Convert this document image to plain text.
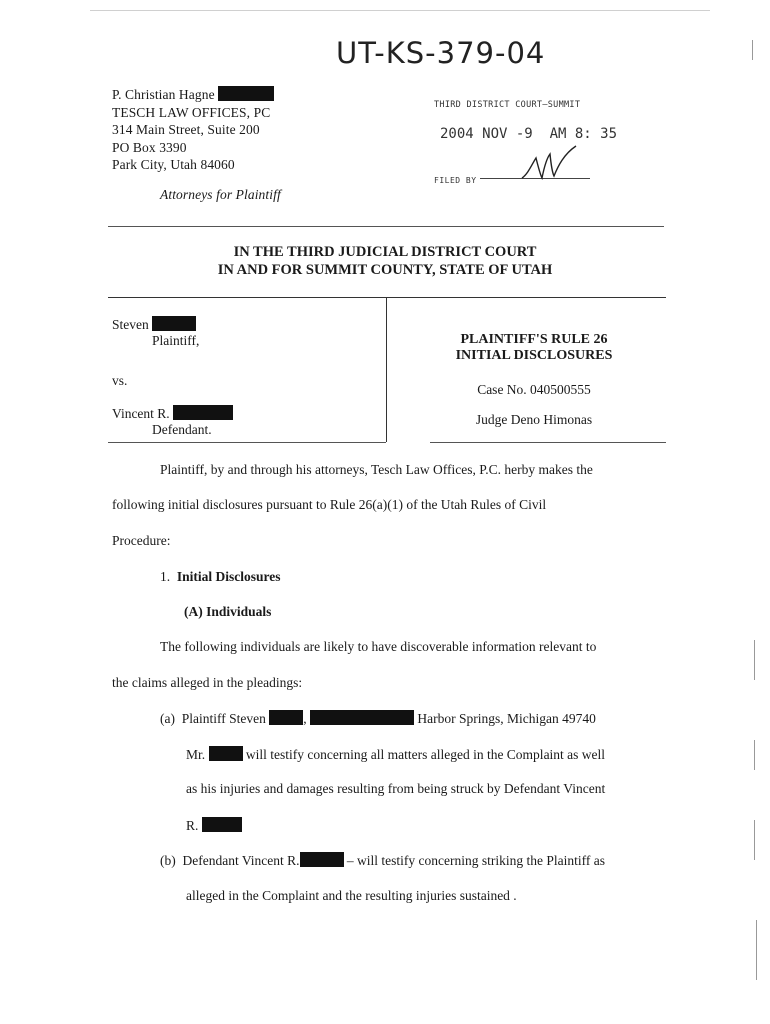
UT-KS-379-04
P. Christian Hagne
TESCH LAW OFFICES, PC
314 Main Street, Suite 200
PO Box 3390
Park City, Utah 84060
Attorneys for Plaintiff
THIRD DISTRICT COURT–SUMMIT
2004 NOV -9  AM 8: 35
FILED BY
IN THE THIRD JUDICIAL DISTRICT COURT
IN AND FOR SUMMIT COUNTY, STATE OF UTAH
Steven
Plaintiff,
vs.
Vincent R.
Defendant.
PLAINTIFF'S RULE 26
INITIAL DISCLOSURES
Case No. 040500555
Judge Deno Himonas
Plaintiff, by and through his attorneys, Tesch Law Offices, P.C. herby makes the
following initial disclosures pursuant to Rule 26(a)(1) of the Utah Rules of Civil
Procedure:
1. Initial Disclosures
(A) Individuals
The following individuals are likely to have discoverable information relevant to
the claims alleged in the pleadings:
(a) Plaintiff Steven	,	Harbor Springs, Michigan 49740
Mr.	will testify concerning all matters alleged in the Complaint as well
as his injuries and damages resulting from being struck by Defendant Vincent
R.
(b) Defendant Vincent R.	– will testify concerning striking the Plaintiff as
alleged in the Complaint and the resulting injuries sustained .
